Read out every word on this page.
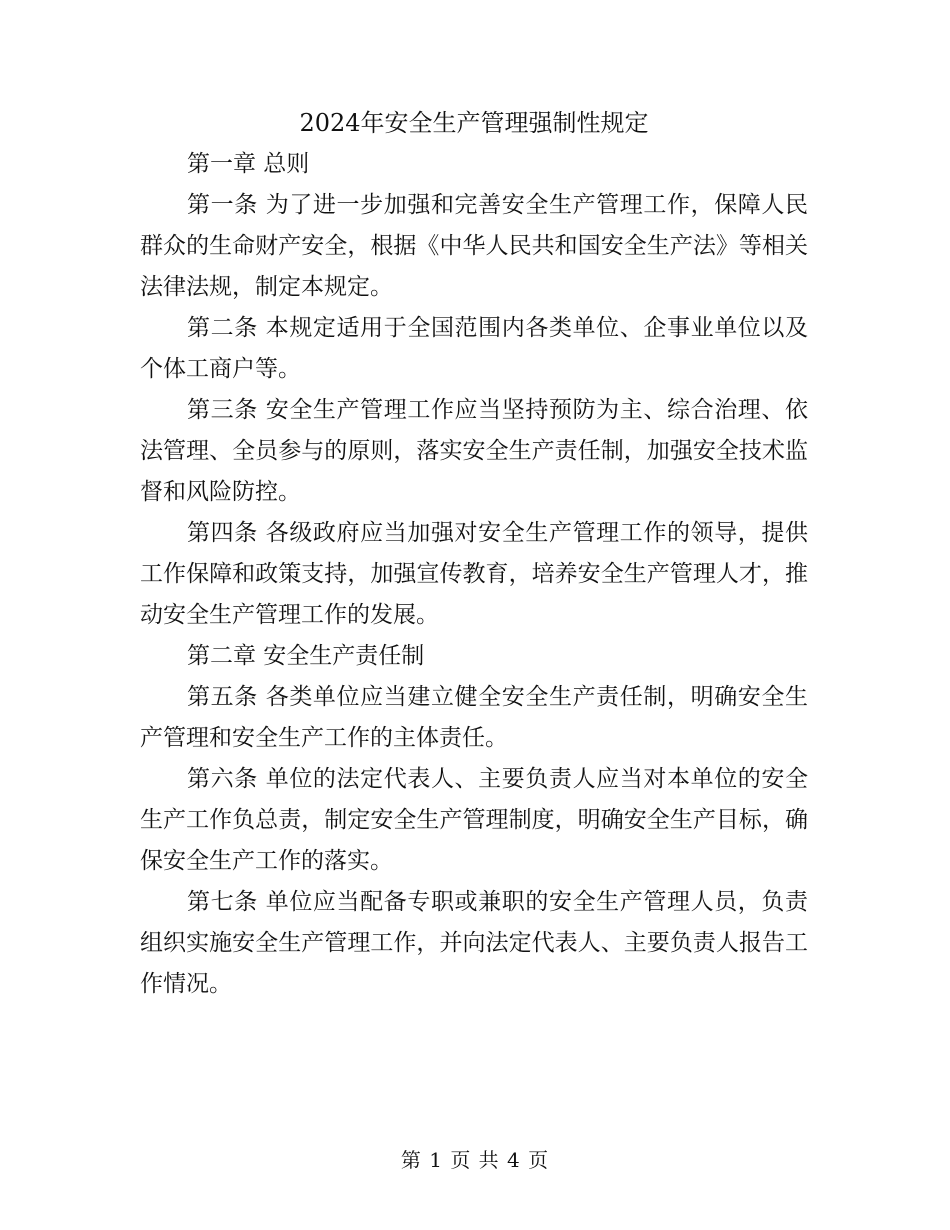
2024年安全生产管理强制性规定

第一章 总则

第一条 为了进一步加强和完善安全生产管理工作，保障人民群众的生命财产安全，根据《中华人民共和国安全生产法》等相关法律法规，制定本规定。

第二条 本规定适用于全国范围内各类单位、企事业单位以及个体工商户等。

第三条 安全生产管理工作应当坚持预防为主、综合治理、依法管理、全员参与的原则，落实安全生产责任制，加强安全技术监督和风险防控。

第四条 各级政府应当加强对安全生产管理工作的领导，提供工作保障和政策支持，加强宣传教育，培养安全生产管理人才，推动安全生产管理工作的发展。

第二章 安全生产责任制

第五条 各类单位应当建立健全安全生产责任制，明确安全生产管理和安全生产工作的主体责任。

第六条 单位的法定代表人、主要负责人应当对本单位的安全生产工作负总责，制定安全生产管理制度，明确安全生产目标，确保安全生产工作的落实。

第七条 单位应当配备专职或兼职的安全生产管理人员，负责组织实施安全生产管理工作，并向法定代表人、主要负责人报告工作情况。

第 1 页 共 4 页
